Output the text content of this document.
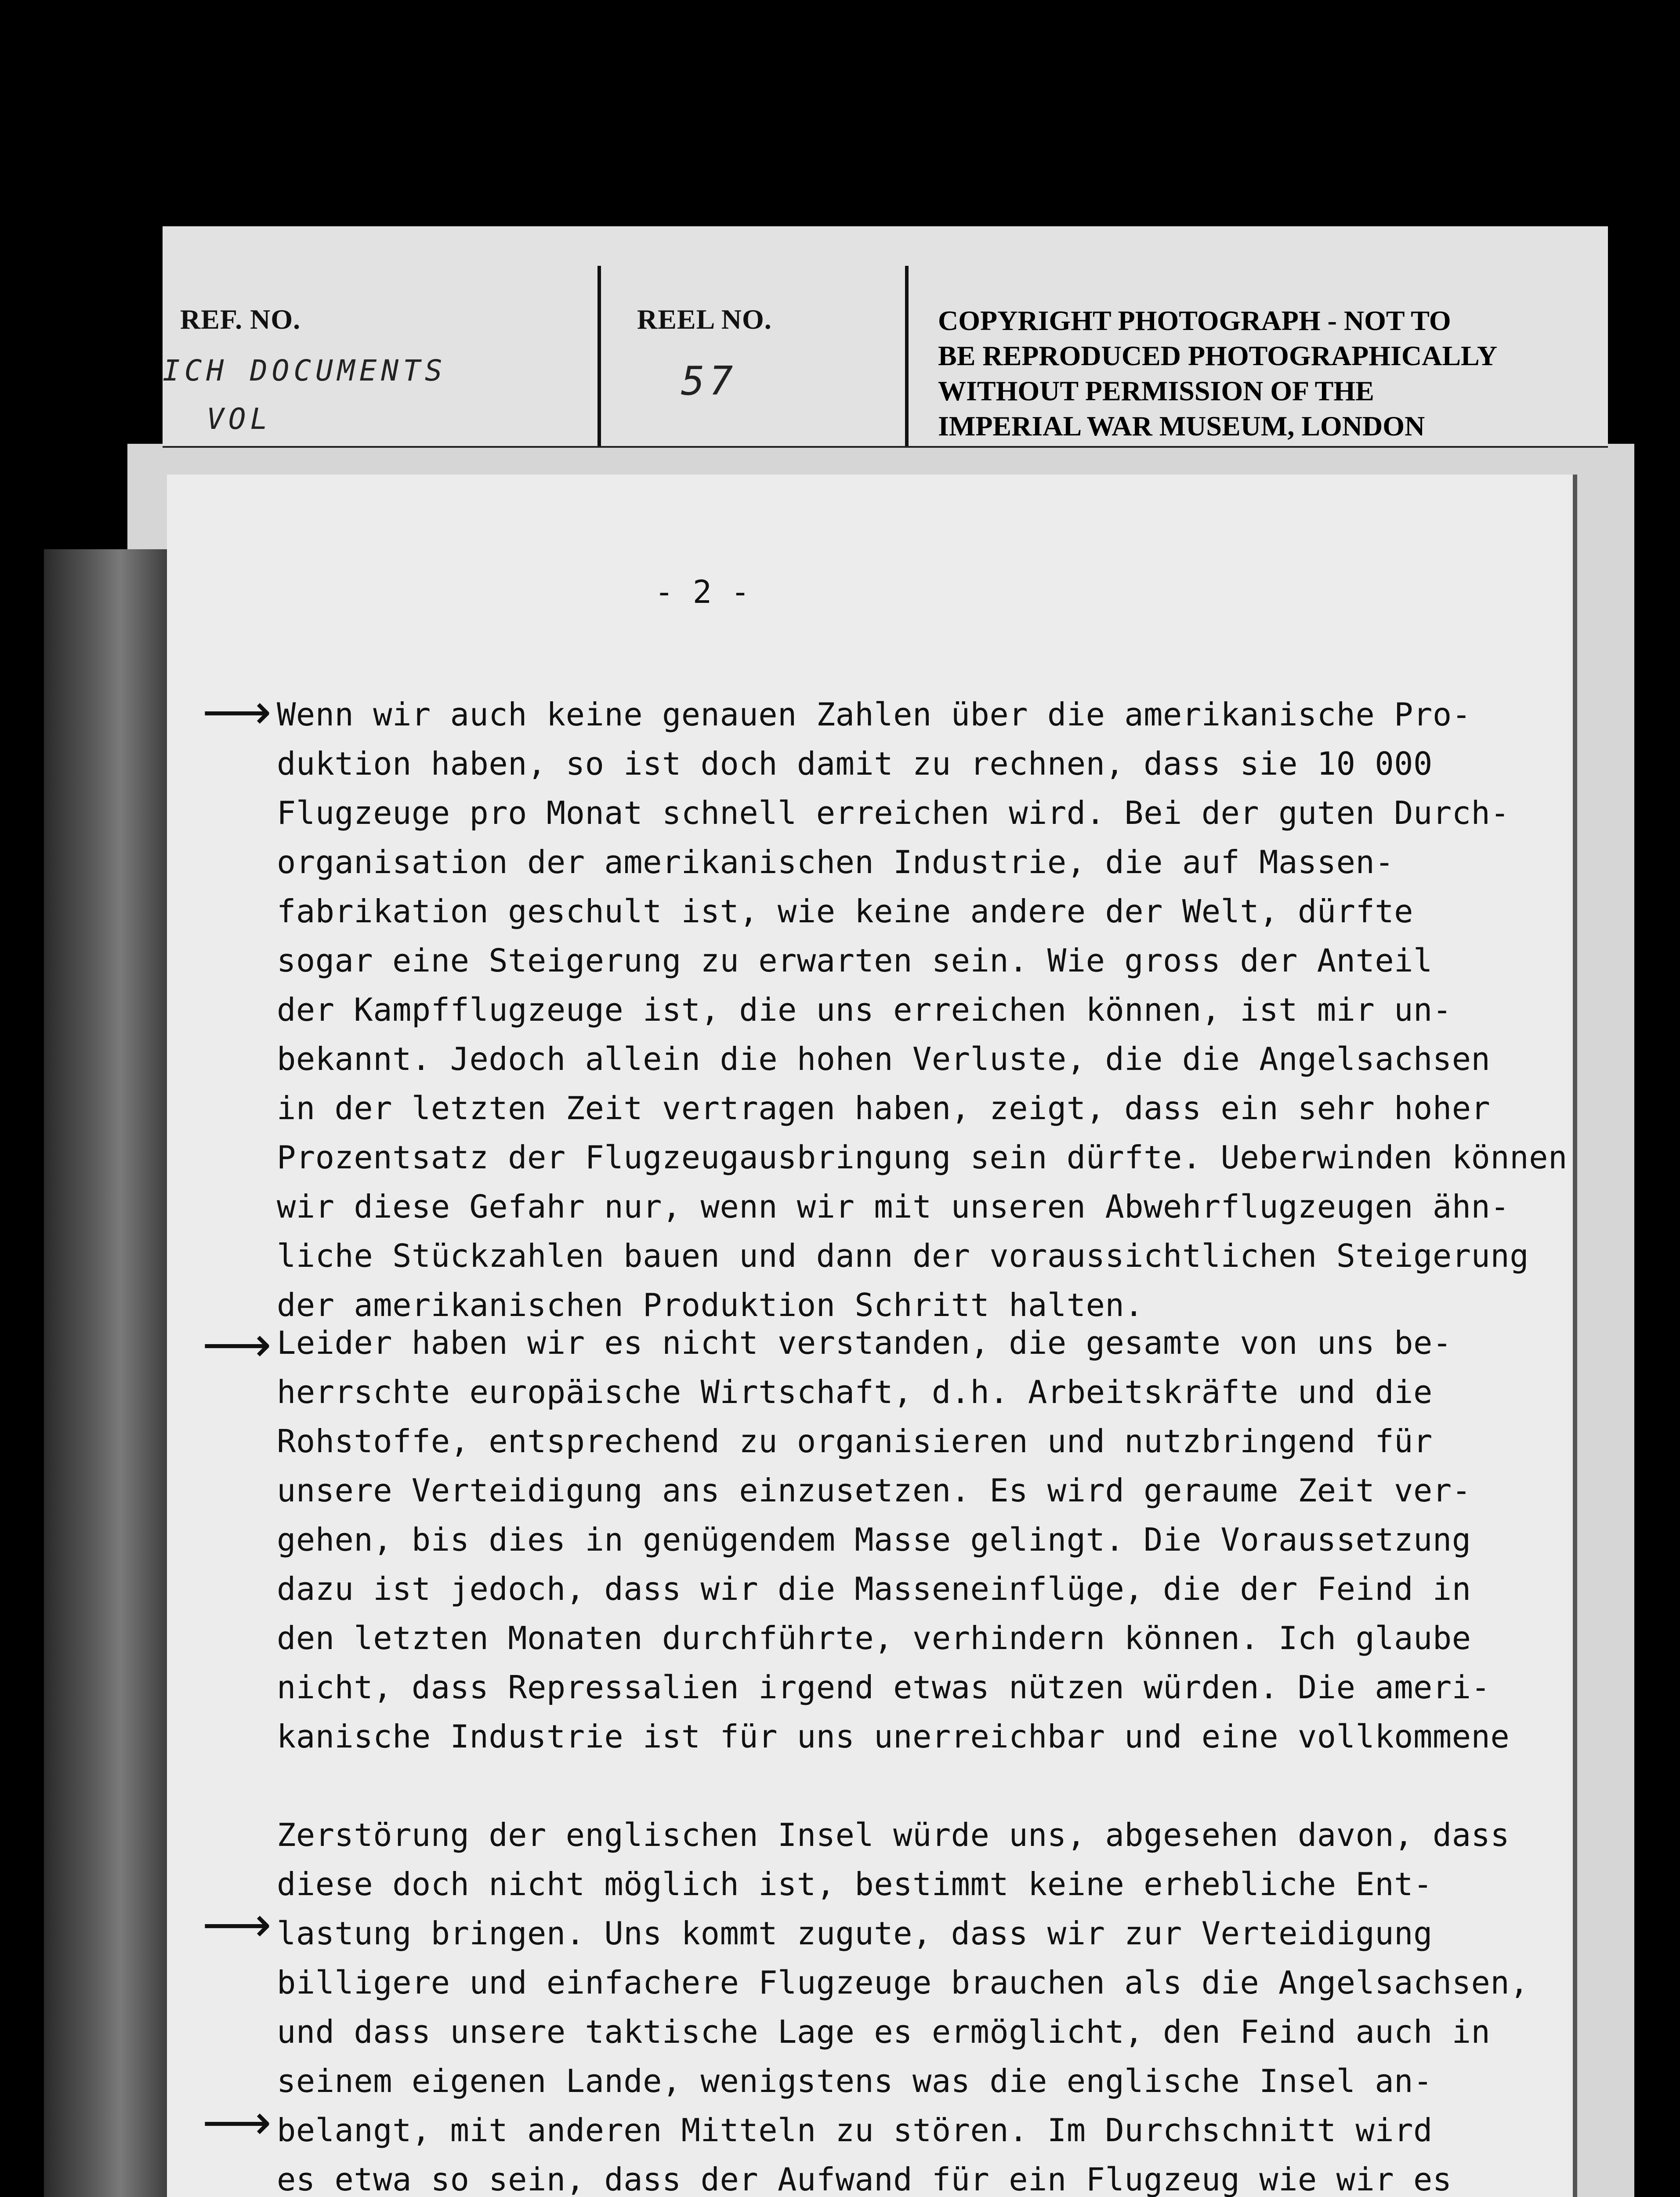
REF. NO.
ICH DOCUMENTS
VOL
REEL NO.
57
COPYRIGHT PHOTOGRAPH - NOT TO
BE REPRODUCED PHOTOGRAPHICALLY
WITHOUT PERMISSION OF THE
IMPERIAL WAR MUSEUM, LONDON
- 2 -
⟶
⟶
⟶
⟶
Wenn wir auch keine genauen Zahlen über die amerikanische Pro-
duktion haben, so ist doch damit zu rechnen, dass sie 10 000
Flugzeuge pro Monat schnell erreichen wird. Bei der guten Durch-
organisation der amerikanischen Industrie, die auf Massen-
fabrikation geschult ist, wie keine andere der Welt, dürfte
sogar eine Steigerung zu erwarten sein. Wie gross der Anteil
der Kampfflugzeuge ist, die uns erreichen können, ist mir un-
bekannt. Jedoch allein die hohen Verluste, die die Angelsachsen
in der letzten Zeit vertragen haben, zeigt, dass ein sehr hoher
Prozentsatz der Flugzeugausbringung sein dürfte. Ueberwinden können
wir diese Gefahr nur, wenn wir mit unseren Abwehrflugzeugen ähn-
liche Stückzahlen bauen und dann der voraussichtlichen Steigerung
der amerikanischen Produktion Schritt halten.
Leider haben wir es nicht verstanden, die gesamte von uns be-
herrschte europäische Wirtschaft, d.h. Arbeitskräfte und die
Rohstoffe, entsprechend zu organisieren und nutzbringend für
unsere Verteidigung ans einzusetzen. Es wird geraume Zeit ver-
gehen, bis dies in genügendem Masse gelingt. Die Voraussetzung
dazu ist jedoch, dass wir die Masseneinflüge, die der Feind in
den letzten Monaten durchführte, verhindern können. Ich glaube
nicht, dass Repressalien irgend etwas nützen würden. Die ameri-
kanische Industrie ist für uns unerreichbar und eine vollkommene

Zerstörung der englischen Insel würde uns, abgesehen davon, dass
diese doch nicht möglich ist, bestimmt keine erhebliche Ent-
lastung bringen. Uns kommt zugute, dass wir zur Verteidigung
billigere und einfachere Flugzeuge brauchen als die Angelsachsen,
und dass unsere taktische Lage es ermöglicht, den Feind auch in
seinem eigenen Lande, wenigstens was die englische Insel an-
belangt, mit anderen Mitteln zu stören. Im Durchschnitt wird
es etwa so sein, dass der Aufwand für ein Flugzeug wie wir es
